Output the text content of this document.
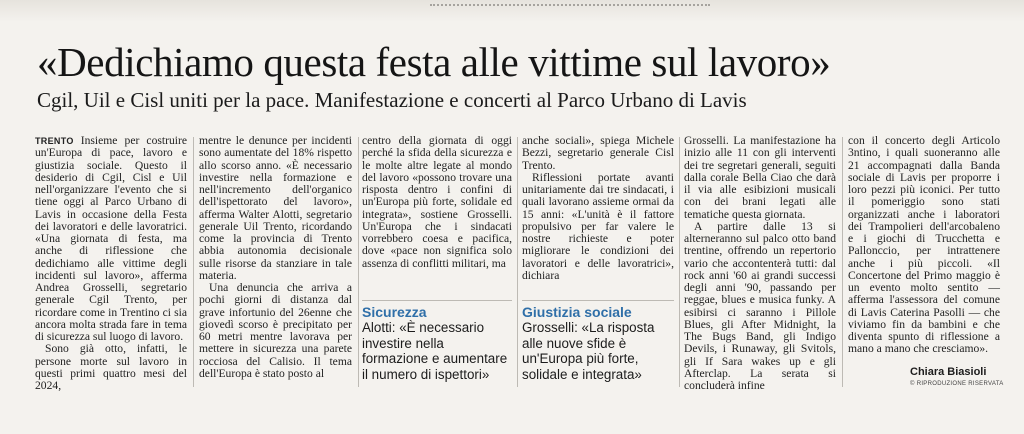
«Dedichiamo questa festa alle vittime sul lavoro»
Cgil, Uil e Cisl uniti per la pace. Manifestazione e concerti al Parco Urbano di Lavis

TRENTO Insieme per costruire un'Europa di pace, lavoro e giustizia sociale. Questo il desiderio di Cgil, Cisl e Uil nell'organizzare l'evento che si tiene oggi al Parco Urbano di Lavis in occasione della Festa dei lavoratori e delle lavoratrici. «Una giornata di festa, ma anche di riflessione che dedichiamo alle vittime degli incidenti sul lavoro», afferma Andrea Grosselli, segretario generale Cgil Trento, per ricordare come in Trentino ci sia ancora molta strada fare in tema di sicurezza sul luogo di lavoro.

Sono già otto, infatti, le persone morte sul lavoro in questi primi quattro mesi del 2024,

mentre le denunce per incidenti sono aumentate del 18% rispetto allo scorso anno. «È necessario investire nella formazione e nell'incremento dell'organico dell'ispettorato del lavoro», afferma Walter Alotti, segretario generale Uil Trento, ricordando come la provincia di Trento abbia autonomia decisionale sulle risorse da stanziare in tale materia.

Una denuncia che arriva a pochi giorni di distanza dal grave infortunio del 26enne che giovedì scorso è precipitato per 60 metri mentre lavorava per mettere in sicurezza una parete rocciosa del Calisio. Il tema dell'Europa è stato posto al

centro della giornata di oggi perché la sfida della sicurezza e le molte altre legate al mondo del lavoro «possono trovare una risposta dentro i confini di un'Europa più forte, solidale ed integrata», sostiene Grosselli. Un'Europa che i sindacati vorrebbero coesa e pacifica, dove «pace non significa solo assenza di conflitti militari, ma

anche sociali», spiega Michele Bezzi, segretario generale Cisl Trento.

Riflessioni portate avanti unitariamente dai tre sindacati, i quali lavorano assieme ormai da 15 anni: «L'unità è il fattore propulsivo per far valere le nostre richieste e poter migliorare le condizioni dei lavoratori e delle lavoratrici», dichiara

Grosselli. La manifestazione ha inizio alle 11 con gli interventi dei tre segretari generali, seguiti dalla corale Bella Ciao che darà il via alle esibizioni musicali con dei brani legati alle tematiche questa giornata.

A partire dalle 13 si alterneranno sul palco otto band trentine, offrendo un repertorio vario che accontenterà tutti: dal rock anni '60 ai grandi successi degli anni '90, passando per reggae, blues e musica funky. A esibirsi ci saranno i Pillole Blues, gli After Midnight, la The Bugs Band, gli Indigo Devils, i Runaway, gli Svitols, gli If Sara wakes up e gli Afterclap. La serata si concluderà infine

con il concerto degli Articolo 3ntino, i quali suoneranno alle 21 accompagnati dalla Banda sociale di Lavis per proporre i loro pezzi più iconici. Per tutto il pomeriggio sono stati organizzati anche i laboratori dei Trampolieri dell'arcobaleno e i giochi di Trucchetta e Pallonccio, per intrattenere anche i più piccoli. «Il Concertone del Primo maggio è un evento molto sentito — afferma l'assessora del comune di Lavis Caterina Pasolli — che viviamo fin da bambini e che diventa spunto di riflessione a mano a mano che cresciamo».

Sicurezza
Alotti: «È necessario investire nella formazione e aumentare il numero di ispettori»
Giustizia sociale
Grosselli: «La risposta alle nuove sfide è un'Europa più forte, solidale e integrata»	Chiara Biasioli
© RIPRODUZIONE RISERVATA
